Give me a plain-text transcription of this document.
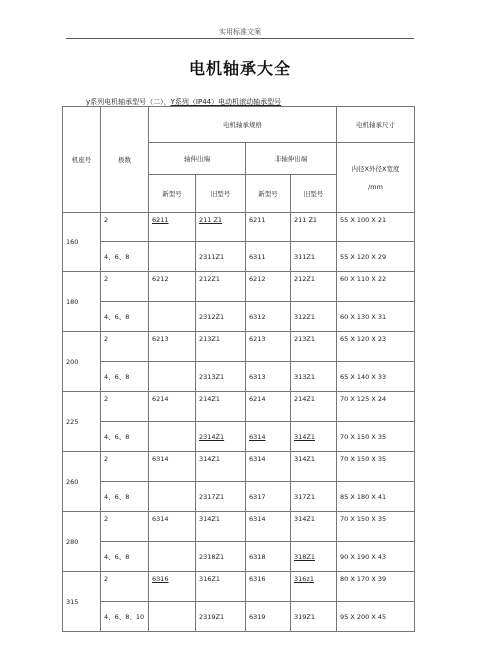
实用标准文案
电机轴承大全
y系列电机轴承型号（二），Y系列（IP44）电动机滚动轴承型号
机座号	极数	电机轴承规格				电机轴承尺寸
		轴伸出端		非轴伸出端		内径X外径X宽度
/mm

		新型号	旧型号	新型号	旧型号	
160	2	6211	211 Z1	6211	211 Z1	55 X 100 X 21
	4、6、8		2311Z1	6311	311Z1	55 X 120 X 29
180	2	6212	212Z1	6212	212Z1	60 X 110 X 22
	4、6、8		2312Z1	6312	312Z1	60 X 130 X 31
200	2	6213	213Z1	6213	213Z1	65 X 120 X 23
	4、6、8		2313Z1	6313	313Z1	65 X 140 X 33
225	2	6214	214Z1	6214	214Z1	70 X 125 X 24
	4、6、8		2314Z1	6314	314Z1	70 X 150 X 35
260	2	6314	314Z1	6314	314Z1	70 X 150 X 35
	4、6、8		2317Z1	6317	317Z1	85 X 180 X 41
280	2	6314	314Z1	6314	314Z1	70 X 150 X 35
	4、6、8		2318Z1	6318	318Z1	90 X 190 X 43
315	2	6316	316Z1	6316	316z1	80 X 170 X 39
	4、6、8、10		2319Z1	6319	319Z1	95 X 200 X 45
